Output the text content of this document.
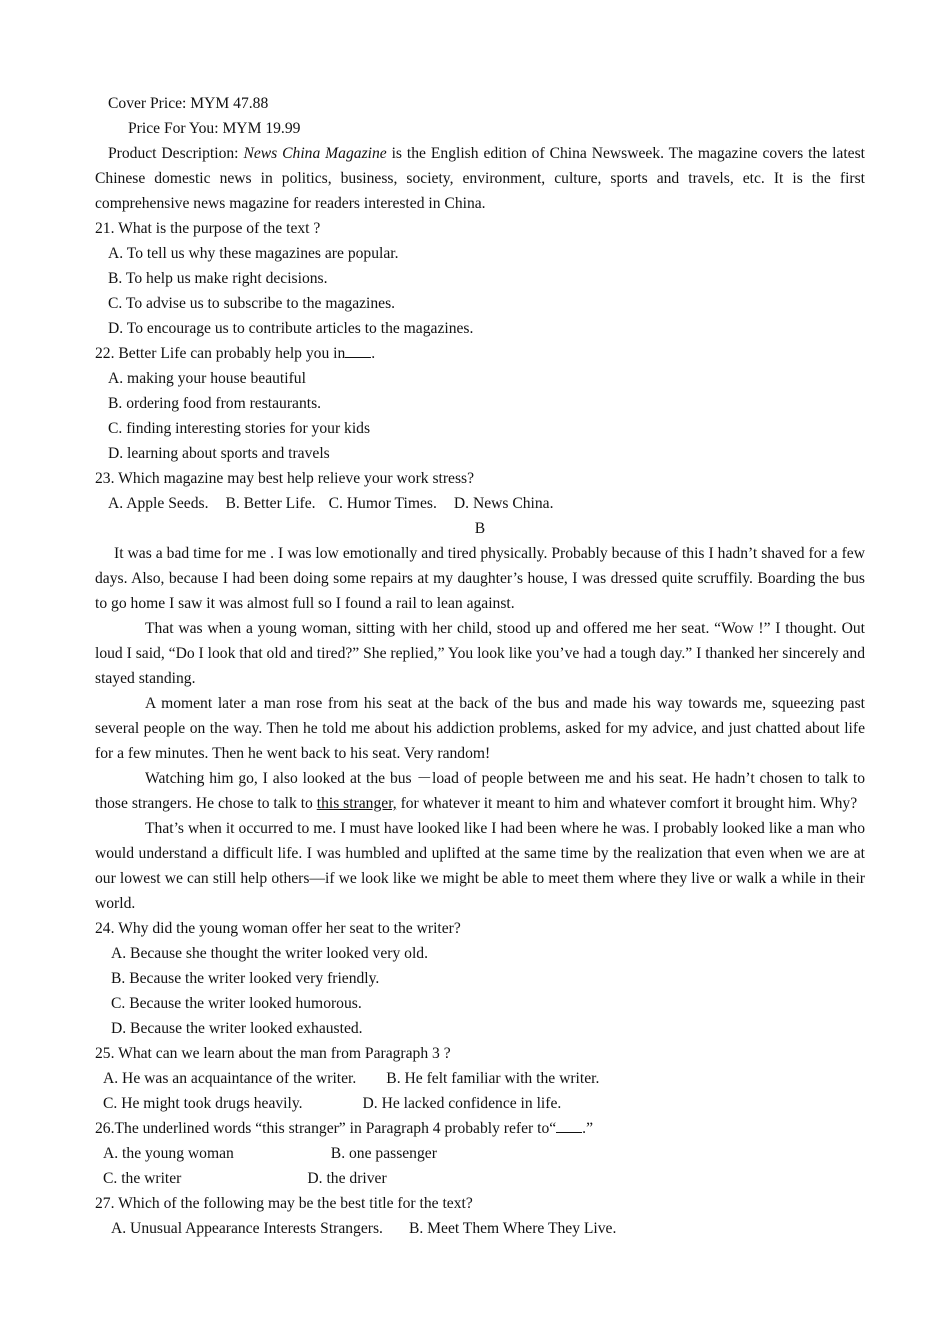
Cover Price: MYM 47.88
Price For You: MYM 19.99
Product Description: News China Magazine is the English edition of China Newsweek. The magazine covers the latest Chinese domestic news in politics, business, society, environment, culture, sports and travels, etc. It is the first comprehensive news magazine for readers interested in China.
21. What is the purpose of the text ?
A. To tell us why these magazines are popular.
B. To help us make right decisions.
C. To advise us to subscribe to the magazines.
D. To encourage us to contribute articles to the magazines.
22. Better Life can probably help you in .
A. making your house beautiful
B. ordering food from restaurants.
C. finding interesting stories for your kids
D. learning about sports and travels
23. Which magazine may best help relieve your work stress?
A. Apple Seeds. B. Better Life. C. Humor Times. D. News China.
B
It was a bad time for me . I was low emotionally and tired physically. Probably because of this I hadn’t shaved for a few days. Also, because I had been doing some repairs at my daughter’s house, I was dressed quite scruffily. Boarding the bus to go home I saw it was almost full so I found a rail to lean against.
That was when a young woman, sitting with her child, stood up and offered me her seat. “Wow !” I thought. Out loud I said, “Do I look that old and tired?” She replied,” You look like you’ve had a tough day.” I thanked her sincerely and stayed standing.
A moment later a man rose from his seat at the back of the bus and made his way towards me, squeezing past several people on the way. Then he told me about his addiction problems, asked for my advice, and just chatted about life for a few minutes. Then he went back to his seat. Very random!
Watching him go, I also looked at the bus －load of people between me and his seat. He hadn’t chosen to talk to those strangers. He chose to talk to this stranger, for whatever it meant to him and whatever comfort it brought him. Why?
That’s when it occurred to me. I must have looked like I had been where he was. I probably looked like a man who would understand a difficult life. I was humbled and uplifted at the same time by the realization that even when we are at our lowest we can still help others—if we look like we might be able to meet them where they live or walk a while in their world.
24. Why did the young woman offer her seat to the writer?
A. Because she thought the writer looked very old.
B. Because the writer looked very friendly.
C. Because the writer looked humorous.
D. Because the writer looked exhausted.
25. What can we learn about the man from Paragraph 3 ?
A. He was an acquaintance of the writer. B. He felt familiar with the writer.
C. He might took drugs heavily.	D. He lacked confidence in life.
26.The underlined words “this stranger” in Paragraph 4 probably refer to“ .”
A. the young woman	B. one passenger
C. the writer	D. the driver
27. Which of the following may be the best title for the text?
A. Unusual Appearance Interests Strangers. B. Meet Them Where They Live.
